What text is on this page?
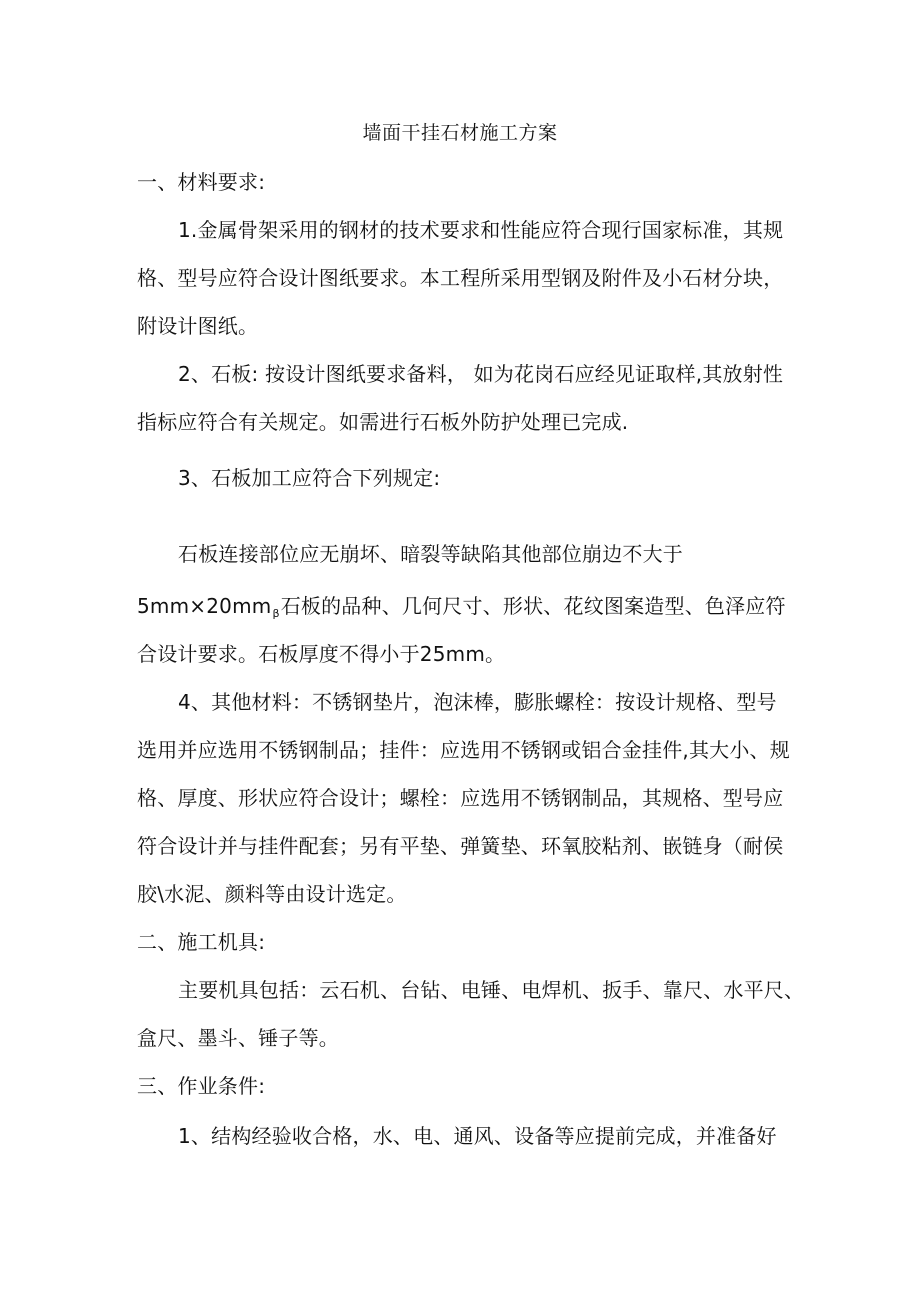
墙面干挂石材施工方案
一、材料要求:
1.金属骨架采用的钢材的技术要求和性能应符合现行国家标准，其规
格、型号应符合设计图纸要求。本工程所采用型钢及附件及小石材分块，
附设计图纸。
2、石板: 按设计图纸要求备料， 如为花岗石应经见证取样,其放射性
指标应符合有关规定。如需进行石板外防护处理已完成.
3、石板加工应符合下列规定:
石板连接部位应无崩坏、暗裂等缺陷其他部位崩边不大于
$5mm\times 20mm_\beta$石板的品种、几何尺寸、形状、花纹图案造型、色泽应符
合设计要求。石板厚度不得小于25mm。
4、其他材料：不锈钢垫片，泡沫棒，膨胀螺栓：按设计规格、型号
选用并应选用不锈钢制品；挂件：应选用不锈钢或铝合金挂件,其大小、规
格、厚度、形状应符合设计；螺栓：应选用不锈钢制品，其规格、型号应
符合设计并与挂件配套；另有平垫、弹簧垫、环氧胶粘剂、嵌链身（耐侯
胶\水泥、颜料等由设计选定。
二、施工机具:
主要机具包括：云石机、台钻、电锤、电焊机、扳手、靠尺、水平尺、
盒尺、墨斗、锤子等。
三、作业条件:
1、结构经验收合格，水、电、通风、设备等应提前完成，并准备好
